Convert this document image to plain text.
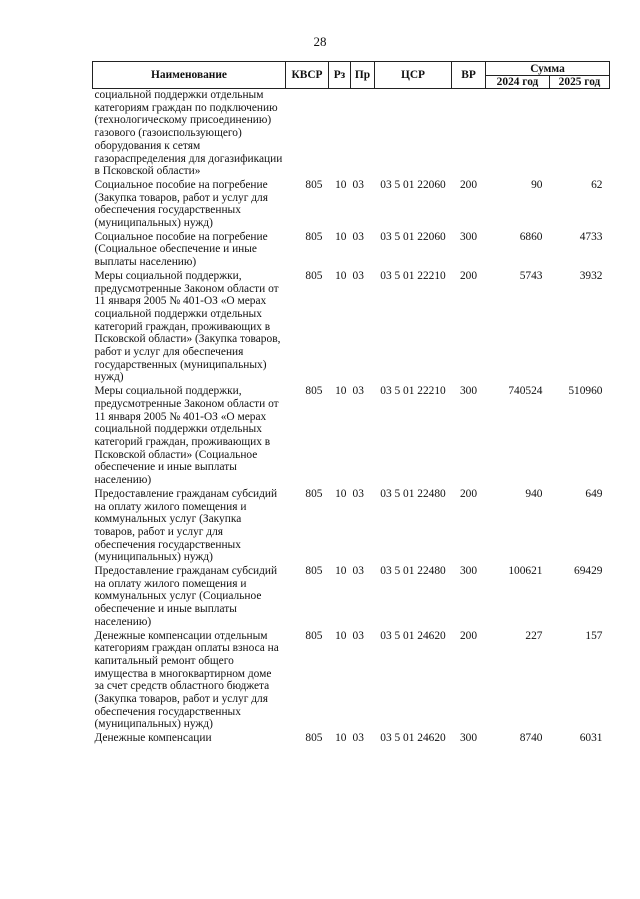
28
Наименование	КВСР	Рз	Пр	ЦСР	ВР	Сумма	
						2024 год	2025 год
социальной поддержки отдельным категориям граждан по подключению (технологическому присоединению) газового (газоиспользующего) оборудования к сетям газораспределения для догазификации в Псковской области»							
Социальное пособие на погребение (Закупка товаров, работ и услуг для обеспечения государственных (муниципальных) нужд)	805	10	03	03 5 01 22060	200	90	62
Социальное пособие на погребение (Социальное обеспечение и иные выплаты населению)	805	10	03	03 5 01 22060	300	6860	4733
Меры социальной поддержки, предусмотренные Законом области от 11 января 2005 № 401-ОЗ «О мерах социальной поддержки отдельных категорий граждан, проживающих в Псковской области» (Закупка товаров, работ и услуг для обеспечения государственных (муниципальных) нужд)	805	10	03	03 5 01 22210	200	5743	3932
Меры социальной поддержки, предусмотренные Законом области от 11 января 2005 № 401-ОЗ «О мерах социальной поддержки отдельных категорий граждан, проживающих в Псковской области» (Социальное обеспечение и иные выплаты населению)	805	10	03	03 5 01 22210	300	740524	510960
Предоставление гражданам субсидий на оплату жилого помещения и коммунальных услуг (Закупка товаров, работ и услуг для обеспечения государственных (муниципальных) нужд)	805	10	03	03 5 01 22480	200	940	649
Предоставление гражданам субсидий на оплату жилого помещения и коммунальных услуг (Социальное обеспечение и иные выплаты населению)	805	10	03	03 5 01 22480	300	100621	69429
Денежные компенсации отдельным категориям граждан оплаты взноса на капитальный ремонт общего имущества в многоквартирном доме за счет средств областного бюджета (Закупка товаров, работ и услуг для обеспечения государственных (муниципальных) нужд)	805	10	03	03 5 01 24620	200	227	157
Денежные компенсации	805	10	03	03 5 01 24620	300	8740	6031
